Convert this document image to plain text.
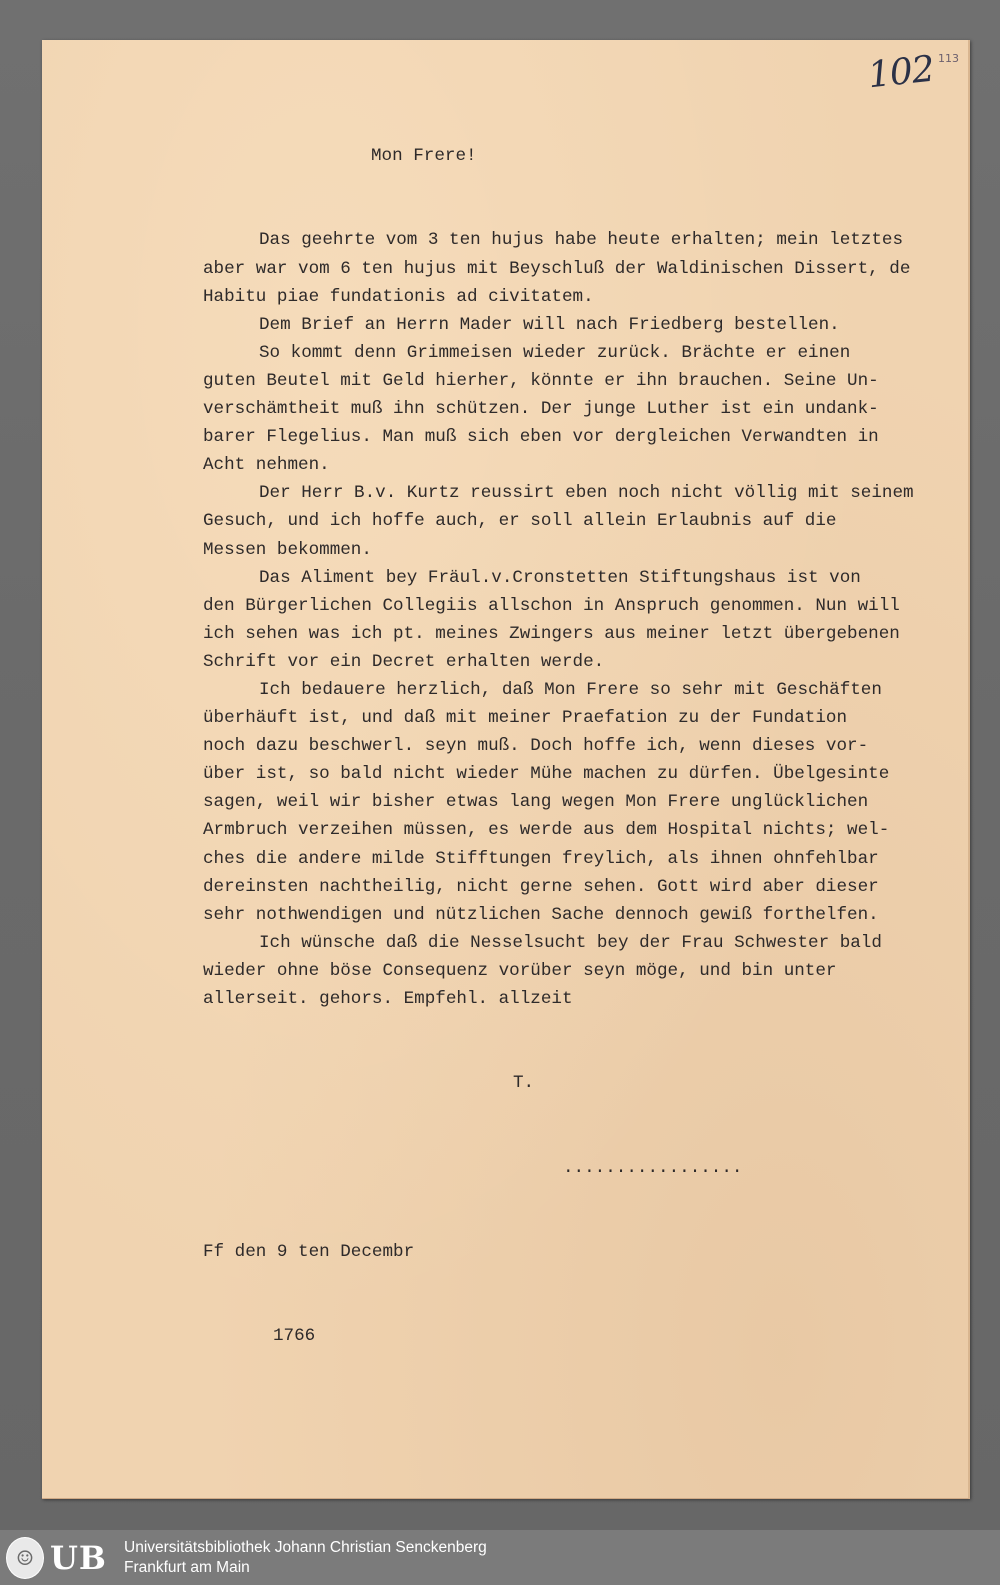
102 113

Mon Frere!

Das geehrte vom 3 ten hujus habe heute erhalten; mein letztes
aber war vom 6 ten hujus mit Beyschluß der Waldinischen Dissert, de
Habitu piae fundationis ad civitatem.
Dem Brief an Herrn Mader will nach Friedberg bestellen.
So kommt denn Grimmeisen wieder zurück. Brächte er einen
guten Beutel mit Geld hierher, könnte er ihn brauchen. Seine Un-
verschämtheit muß ihn schützen. Der junge Luther ist ein undank-
barer Flegelius. Man muß sich eben vor dergleichen Verwandten in
Acht nehmen.
Der Herr B.v. Kurtz reussirt eben noch nicht völlig mit seinem
Gesuch, und ich hoffe auch, er soll allein Erlaubnis auf die
Messen bekommen.
Das Aliment bey Fräul.v.Cronstetten Stiftungshaus ist von
den Bürgerlichen Collegiis allschon in Anspruch genommen. Nun will
ich sehen was ich pt. meines Zwingers aus meiner letzt übergebenen
Schrift vor ein Decret erhalten werde.
Ich bedauere herzlich, daß Mon Frere so sehr mit Geschäften
überhäuft ist, und daß mit meiner Praefation zu der Fundation
noch dazu beschwerl. seyn muß. Doch hoffe ich, wenn dieses vor-
über ist, so bald nicht wieder Mühe machen zu dürfen. Übelgesinte
sagen, weil wir bisher etwas lang wegen Mon Frere unglücklichen
Armbruch verzeihen müssen, es werde aus dem Hospital nichts; wel-
ches die andere milde Stifftungen freylich, als ihnen ohnfehlbar
dereinsten nachtheilig, nicht gerne sehen. Gott wird aber dieser
sehr nothwendigen und nützlichen Sache dennoch gewiß forthelfen.
Ich wünsche daß die Nesselsucht bey der Frau Schwester bald
wieder ohne böse Consequenz vorüber seyn möge, und bin unter
allerseit. gehors. Empfehl. allzeit

T.

.................

Ff den 9 ten Decembr

1766

☺ UB Universitätsbibliothek Johann Christian Senckenberg
Frankfurt am Main
